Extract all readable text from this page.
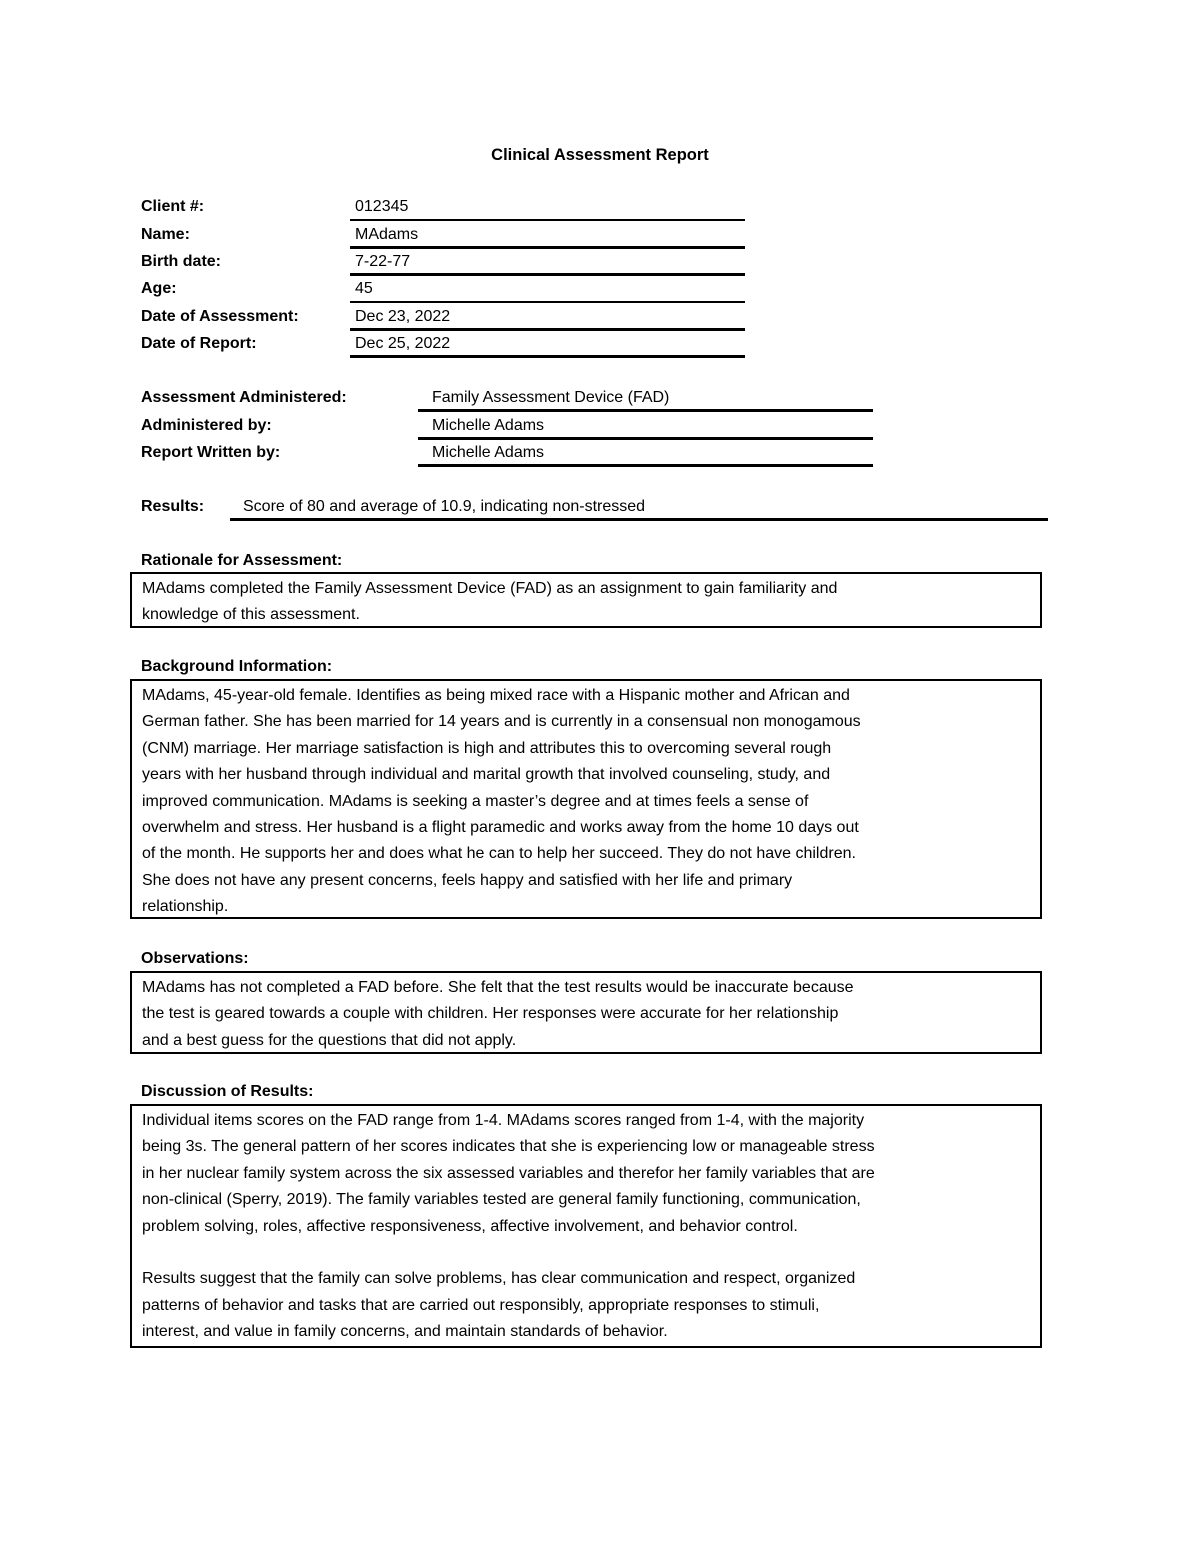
Clinical Assessment Report
Client #:	012345
Name:	MAdams
Birth date:	7-22-77
Age:	45
Date of Assessment:	Dec 23, 2022
Date of Report:	Dec 25, 2022
Assessment Administered:	Family Assessment Device (FAD)
Administered by:	Michelle Adams
Report Written by:	Michelle Adams
Results: Score of 80 and average of 10.9, indicating non-stressed
Rationale for Assessment:
MAdams completed the Family Assessment Device (FAD) as an assignment to gain familiarity and
knowledge of this assessment.
Background Information:
MAdams, 45-year-old female. Identifies as being mixed race with a Hispanic mother and African and
German father. She has been married for 14 years and is currently in a consensual non monogamous
(CNM) marriage. Her marriage satisfaction is high and attributes this to overcoming several rough
years with her husband through individual and marital growth that involved counseling, study, and
improved communication. MAdams is seeking a master’s degree and at times feels a sense of
overwhelm and stress. Her husband is a flight paramedic and works away from the home 10 days out
of the month. He supports her and does what he can to help her succeed. They do not have children.
She does not have any present concerns, feels happy and satisfied with her life and primary
relationship.
Observations:
MAdams has not completed a FAD before. She felt that the test results would be inaccurate because
the test is geared towards a couple with children. Her responses were accurate for her relationship
and a best guess for the questions that did not apply.
Discussion of Results:
Individual items scores on the FAD range from 1-4. MAdams scores ranged from 1-4, with the majority
being 3s. The general pattern of her scores indicates that she is experiencing low or manageable stress
in her nuclear family system across the six assessed variables and therefor her family variables that are
non-clinical (Sperry, 2019). The family variables tested are general family functioning, communication,
problem solving, roles, affective responsiveness, affective involvement, and behavior control.
Results suggest that the family can solve problems, has clear communication and respect, organized
patterns of behavior and tasks that are carried out responsibly, appropriate responses to stimuli,
interest, and value in family concerns, and maintain standards of behavior.
